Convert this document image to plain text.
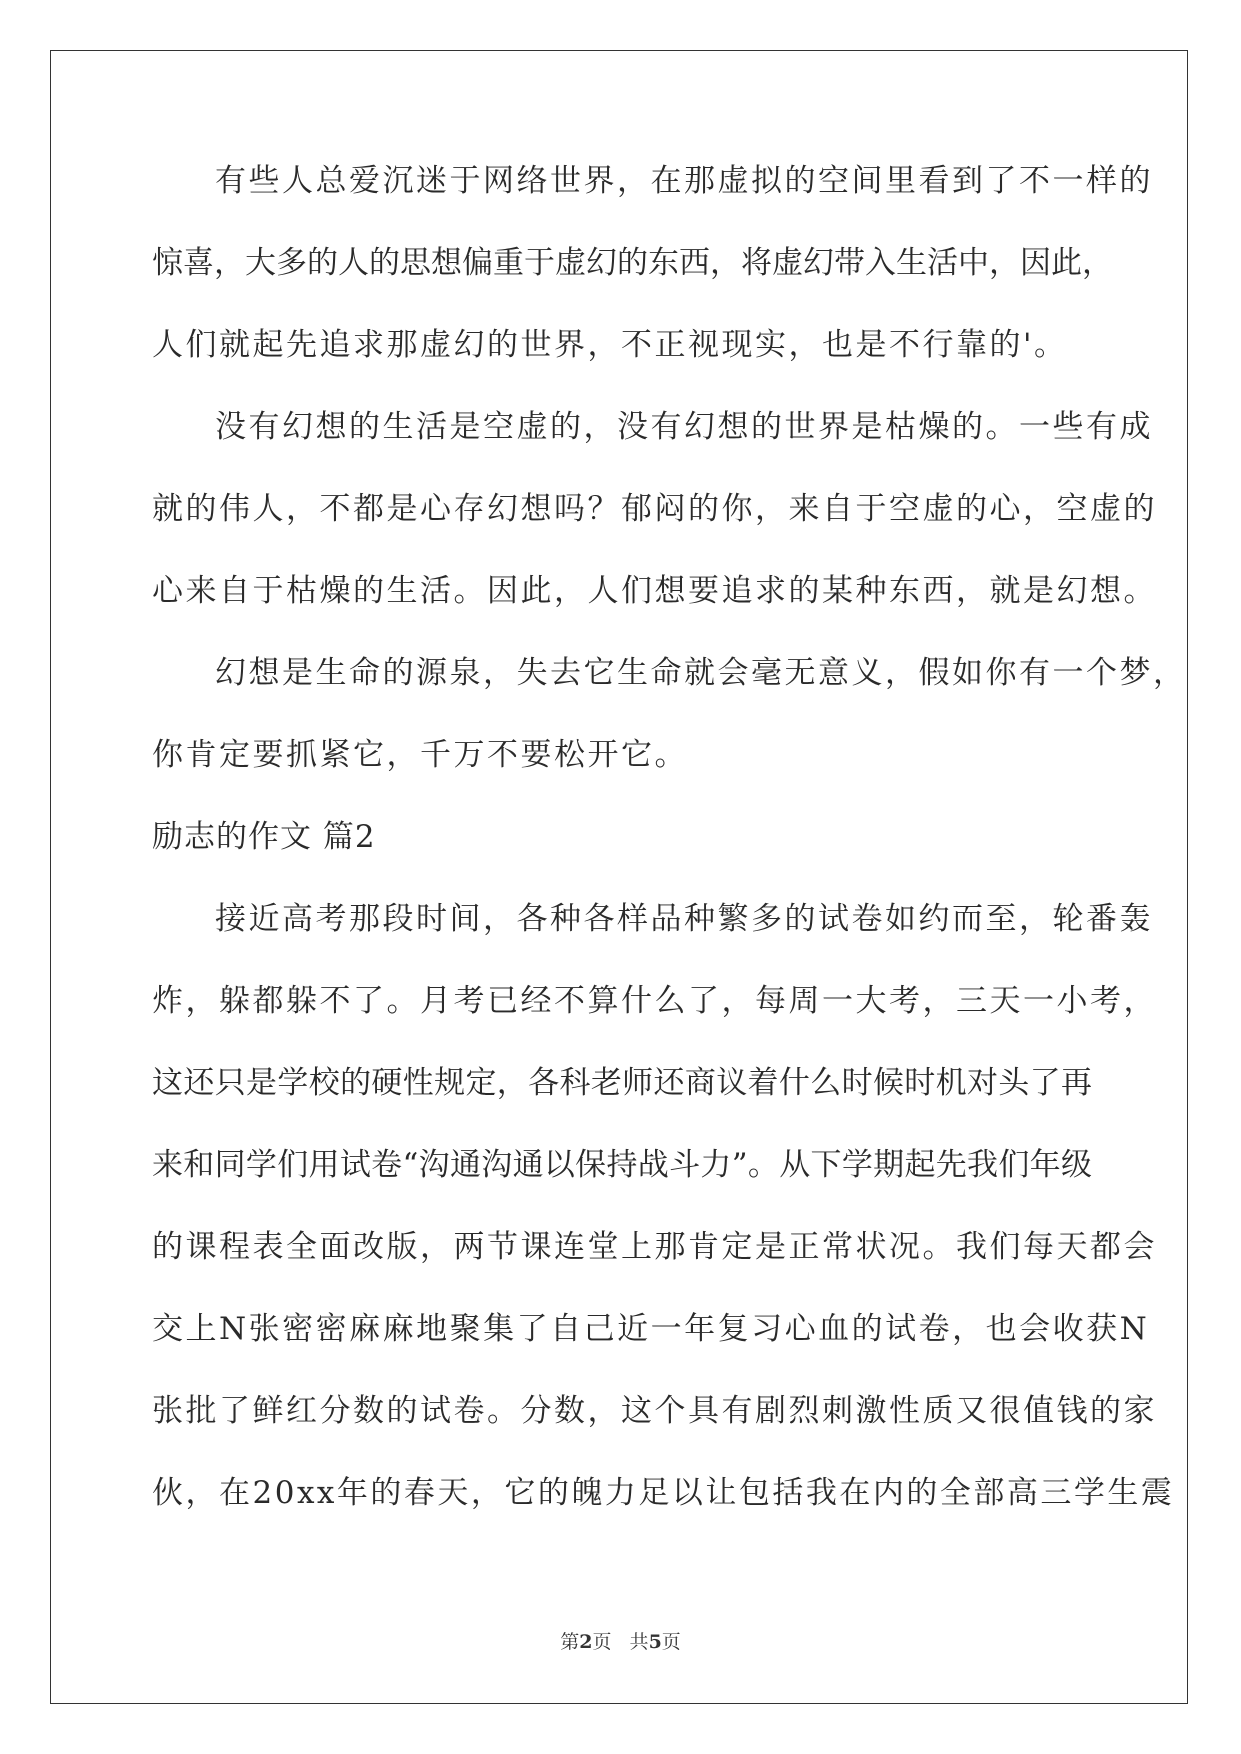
有些人总爱沉迷于网络世界，在那虚拟的空间里看到了不一样的
惊喜，大多的人的思想偏重于虚幻的东西，将虚幻带入生活中，因此，
人们就起先追求那虚幻的世界，不正视现实，也是不行靠的'。
没有幻想的生活是空虚的，没有幻想的世界是枯燥的。一些有成
就的伟人，不都是心存幻想吗？郁闷的你，来自于空虚的心，空虚的
心来自于枯燥的生活。因此，人们想要追求的某种东西，就是幻想。
幻想是生命的源泉，失去它生命就会毫无意义，假如你有一个梦，
你肯定要抓紧它，千万不要松开它。
励志的作文 篇2
接近高考那段时间，各种各样品种繁多的试卷如约而至，轮番轰
炸，躲都躲不了。月考已经不算什么了，每周一大考，三天一小考，
这还只是学校的硬性规定，各科老师还商议着什么时候时机对头了再
来和同学们用试卷“沟通沟通以保持战斗力”。从下学期起先我们年级
的课程表全面改版，两节课连堂上那肯定是正常状况。我们每天都会
交上N张密密麻麻地聚集了自己近一年复习心血的试卷，也会收获N
张批了鲜红分数的试卷。分数，这个具有剧烈刺激性质又很值钱的家
伙，在20xx年的春天，它的魄力足以让包括我在内的全部高三学生震
第2页   共5页
